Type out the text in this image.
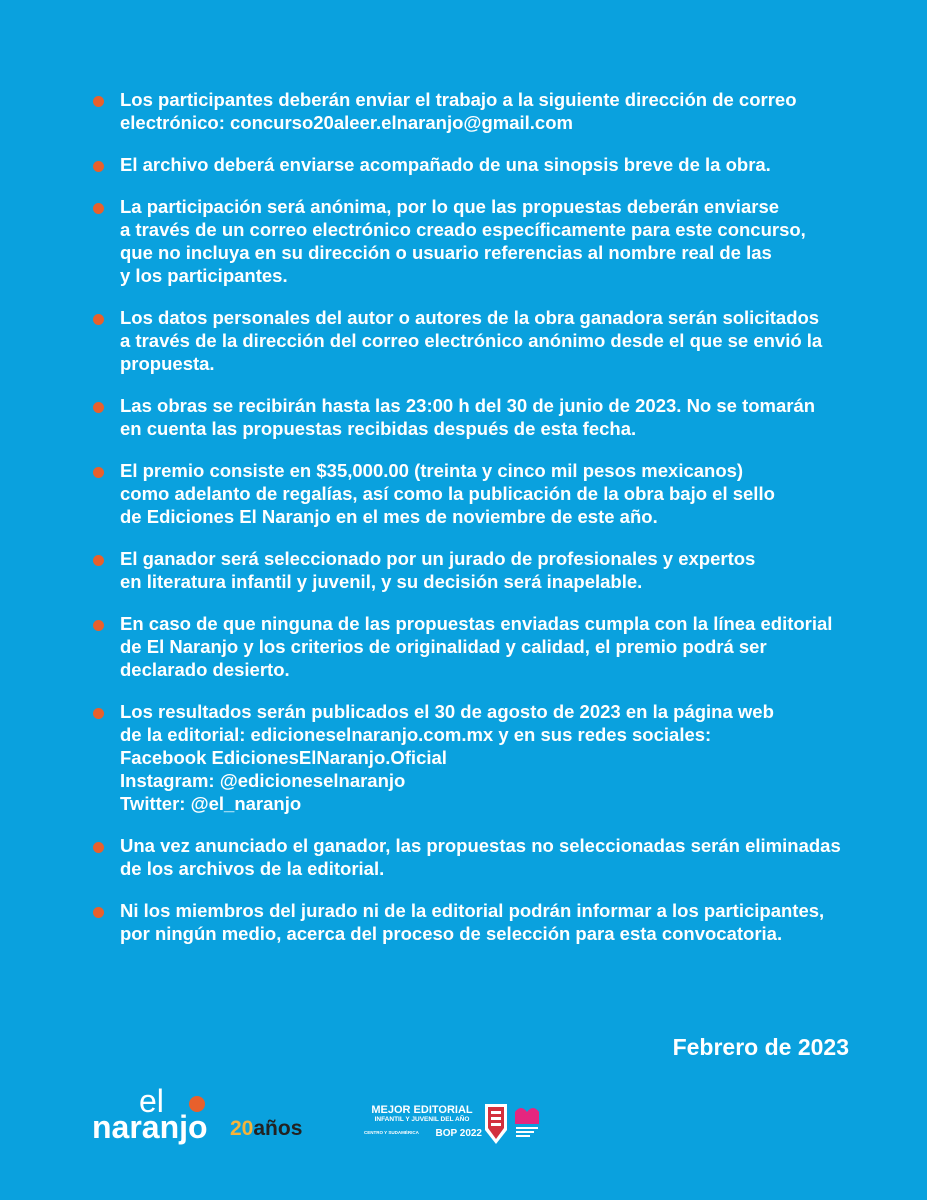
Los participantes deberán enviar el trabajo a la siguiente dirección de correo
electrónico: concurso20aleer.elnaranjo@gmail.com
El archivo deberá enviarse acompañado de una sinopsis breve de la obra.
La participación será anónima, por lo que las propuestas deberán enviarse
a través de un correo electrónico creado específicamente para este concurso,
que no incluya en su dirección o usuario referencias al nombre real de las
y los participantes.
Los datos personales del autor o autores de la obra ganadora serán solicitados
a través de la dirección del correo electrónico anónimo desde el que se envió la
propuesta.
Las obras se recibirán hasta las 23:00 h del 30 de junio de 2023. No se tomarán
en cuenta las propuestas recibidas después de esta fecha.
El premio consiste en $35,000.00 (treinta y cinco mil pesos mexicanos)
como adelanto de regalías, así como la publicación de la obra bajo el sello
de Ediciones El Naranjo en el mes de noviembre de este año.
El ganador será seleccionado por un jurado de profesionales y expertos
en literatura infantil y juvenil, y su decisión será inapelable.
En caso de que ninguna de las propuestas enviadas cumpla con la línea editorial
de El Naranjo y los criterios de originalidad y calidad, el premio podrá ser
declarado desierto.
Los resultados serán publicados el 30 de agosto de 2023 en la página web
de la editorial: edicioneselnaranjo.com.mx y en sus redes sociales:
Facebook EdicionesElNaranjo.Oficial
Instagram: @edicioneselnaranjo
Twitter: @el_naranjo
Una vez anunciado el ganador, las propuestas no seleccionadas serán eliminadas
de los archivos de la editorial.
Ni los miembros del jurado ni de la editorial podrán informar a los participantes,
por ningún medio, acerca del proceso de selección para esta convocatoria.
Febrero de 2023
el
naranjo 20años
MEJOR EDITORIAL
INFANTIL Y JUVENIL DEL AÑO
CENTRO Y SUDAMÉRICA BOP 2022
